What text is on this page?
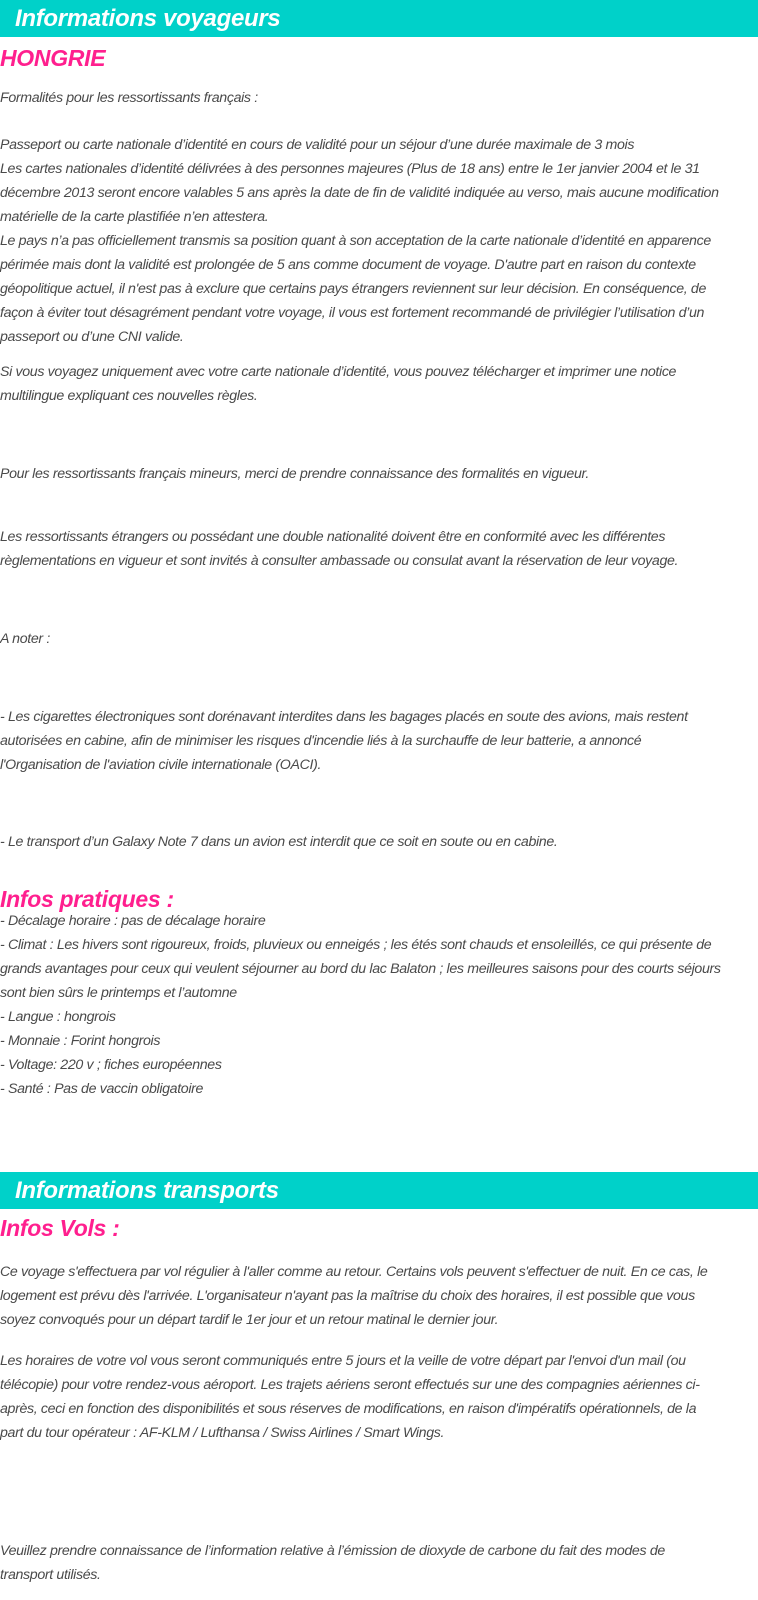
Informations voyageurs
HONGRIE

Formalités pour les ressortissants français :

Passeport ou carte nationale d’identité en cours de validité pour un séjour d’une durée maximale de 3 mois
Les cartes nationales d’identité délivrées à des personnes majeures (Plus de 18 ans) entre le 1er janvier 2004 et le 31
décembre 2013 seront encore valables 5 ans après la date de fin de validité indiquée au verso, mais aucune modification
matérielle de la carte plastifiée n’en attestera.
Le pays n’a pas officiellement transmis sa position quant à son acceptation de la carte nationale d’identité en apparence
périmée mais dont la validité est prolongée de 5 ans comme document de voyage. D'autre part en raison du contexte
géopolitique actuel, il n'est pas à exclure que certains pays étrangers reviennent sur leur décision. En conséquence, de
façon à éviter tout désagrément pendant votre voyage, il vous est fortement recommandé de privilégier l’utilisation d’un
passeport ou d’une CNI valide.

Si vous voyagez uniquement avec votre carte nationale d’identité, vous pouvez télécharger et imprimer une notice
multilingue expliquant ces nouvelles règles.

Pour les ressortissants français mineurs, merci de prendre connaissance des formalités en vigueur.

Les ressortissants étrangers ou possédant une double nationalité doivent être en conformité avec les différentes
règlementations en vigueur et sont invités à consulter ambassade ou consulat avant la réservation de leur voyage.

A noter :

- Les cigarettes électroniques sont dorénavant interdites dans les bagages placés en soute des avions, mais restent
autorisées en cabine, afin de minimiser les risques d'incendie liés à la surchauffe de leur batterie, a annoncé
l'Organisation de l'aviation civile internationale (OACI).

- Le transport d’un Galaxy Note 7 dans un avion est interdit que ce soit en soute ou en cabine.

Infos pratiques :

- Décalage horaire : pas de décalage horaire
- Climat : Les hivers sont rigoureux, froids, pluvieux ou enneigés ; les étés sont chauds et ensoleillés, ce qui présente de
grands avantages pour ceux qui veulent séjourner au bord du lac Balaton ; les meilleures saisons pour des courts séjours
sont bien sûrs le printemps et l’automne
- Langue : hongrois
- Monnaie : Forint hongrois
- Voltage: 220 v ; fiches européennes
- Santé : Pas de vaccin obligatoire

Informations transports
Infos Vols :

Ce voyage s'effectuera par vol régulier à l'aller comme au retour. Certains vols peuvent s'effectuer de nuit. En ce cas, le
logement est prévu dès l'arrivée. L'organisateur n'ayant pas la maîtrise du choix des horaires, il est possible que vous
soyez convoqués pour un départ tardif le 1er jour et un retour matinal le dernier jour.

Les horaires de votre vol vous seront communiqués entre 5 jours et la veille de votre départ par l'envoi d'un mail (ou
télécopie) pour votre rendez-vous aéroport. Les trajets aériens seront effectués sur une des compagnies aériennes ci-
après, ceci en fonction des disponibilités et sous réserves de modifications, en raison d'impératifs opérationnels, de la
part du tour opérateur : AF-KLM / Lufthansa / Swiss Airlines / Smart Wings.

Veuillez prendre connaissance de l’information relative à l’émission de dioxyde de carbone du fait des modes de
transport utilisés.
